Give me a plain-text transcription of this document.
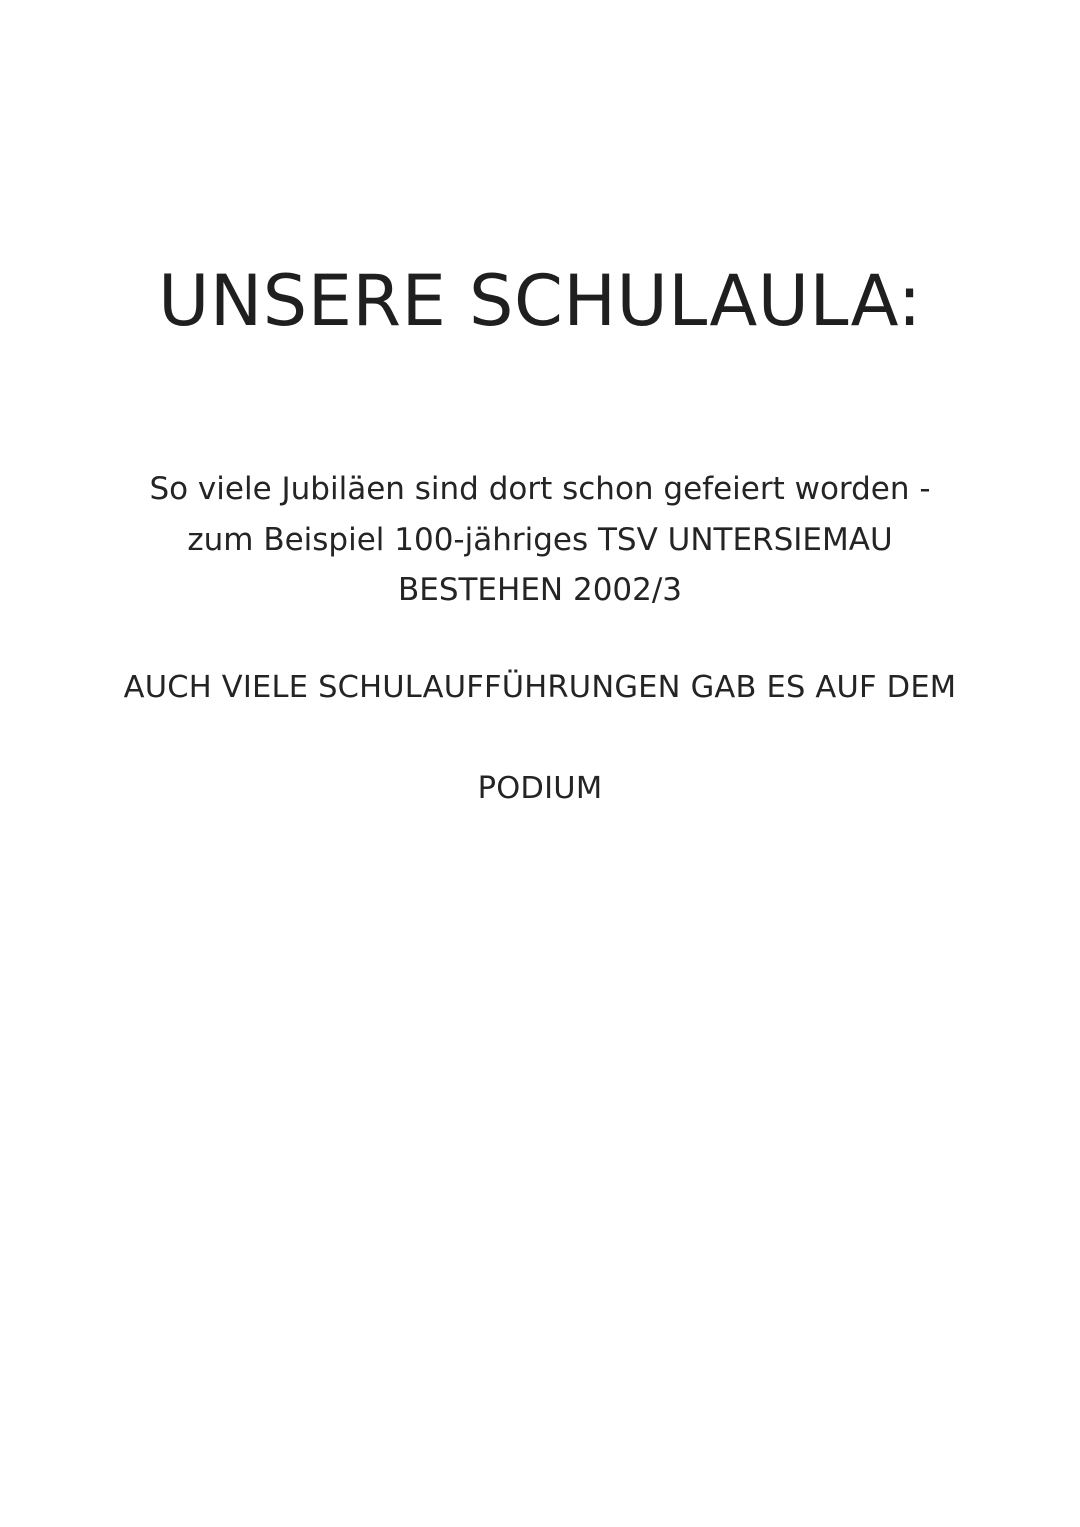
UNSERE SCHULAULA:

So viele Jubiläen sind dort schon gefeiert worden - zum Beispiel 100-jähriges TSV UNTERSIEMAU BESTEHEN 2002/3

AUCH VIELE SCHULAUFFÜHRUNGEN GAB ES AUF DEM

PODIUM
